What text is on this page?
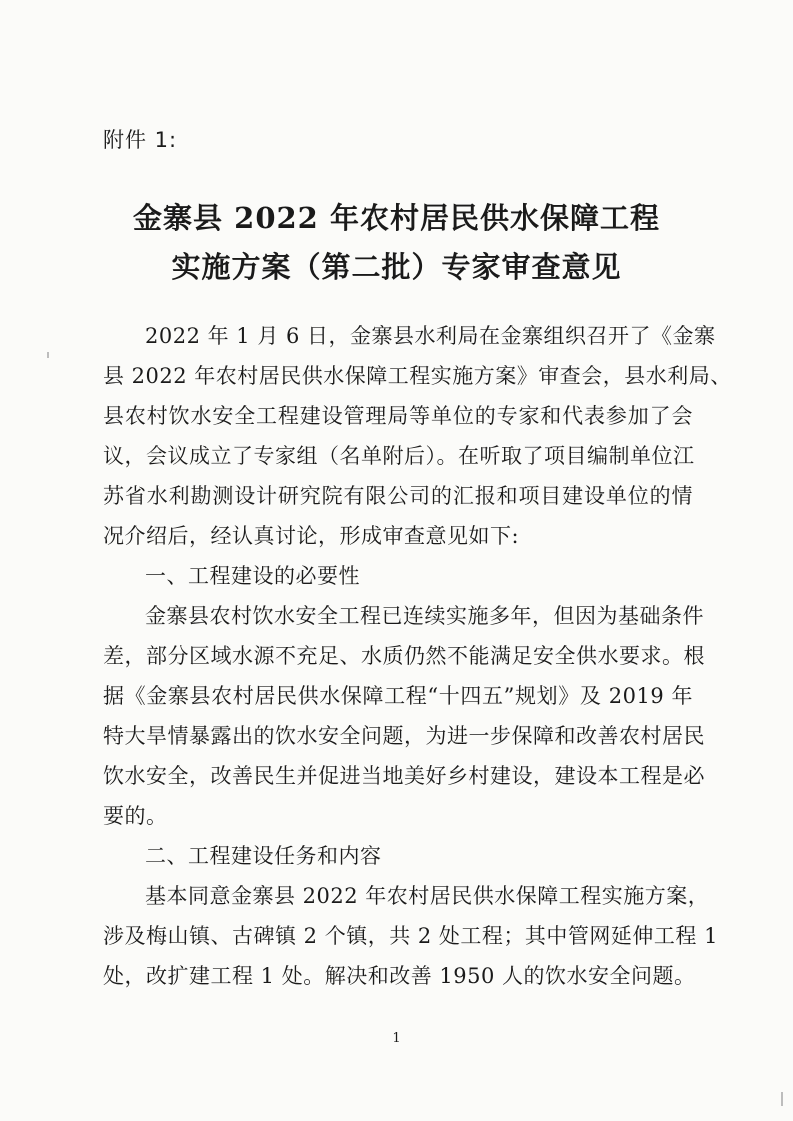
附件 1:
金寨县 2022 年农村居民供水保障工程
实施方案（第二批）专家审查意见
2022 年 1 月 6 日，金寨县水利局在金寨组织召开了《金寨
县 2022 年农村居民供水保障工程实施方案》审查会，县水利局、
县农村饮水安全工程建设管理局等单位的专家和代表参加了会
议，会议成立了专家组（名单附后）。在听取了项目编制单位江
苏省水利勘测设计研究院有限公司的汇报和项目建设单位的情
况介绍后，经认真讨论，形成审查意见如下:
一、工程建设的必要性
金寨县农村饮水安全工程已连续实施多年，但因为基础条件
差，部分区域水源不充足、水质仍然不能满足安全供水要求。根
据《金寨县农村居民供水保障工程“十四五”规划》及 2019 年
特大旱情暴露出的饮水安全问题，为进一步保障和改善农村居民
饮水安全，改善民生并促进当地美好乡村建设，建设本工程是必
要的。
二、工程建设任务和内容
基本同意金寨县 2022 年农村居民供水保障工程实施方案，
涉及梅山镇、古碑镇 2 个镇，共 2 处工程；其中管网延伸工程 1
处，改扩建工程 1 处。解决和改善 1950 人的饮水安全问题。
1
